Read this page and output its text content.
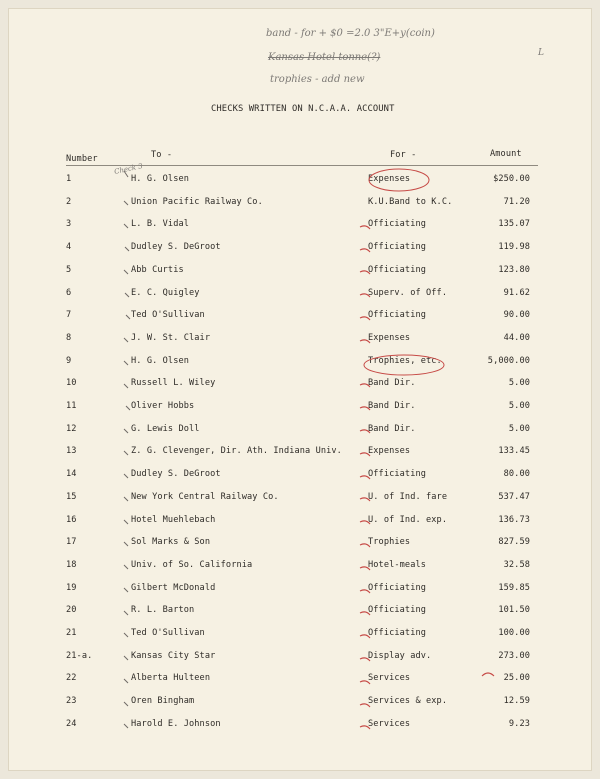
band - for + $0 =2.0 3"E+y(coin)
Kansas Hotel tonne(?)
trophies - add new
L
CHECKS WRITTEN ON N.C.A.A. ACCOUNT
Number	To -	For -	Amount
Check 3
1	H. G. Olsen	Expenses	$250.00
2	Union Pacific Railway Co.	K.U.Band to K.C.	71.20
3	L. B. Vidal	Officiating	135.07
4	Dudley S. DeGroot	Officiating	119.98
5	Abb Curtis	Officiating	123.80
6	E. C. Quigley	Superv. of Off.	91.62
7	Ted O'Sullivan	Officiating	90.00
8	J. W. St. Clair	Expenses	44.00
9	H. G. Olsen	Trophies, etc.	5,000.00
10	Russell L. Wiley	Band Dir.	5.00
11	Oliver Hobbs	Band Dir.	5.00
12	G. Lewis Doll	Band Dir.	5.00
13	Z. G. Clevenger, Dir. Ath. Indiana Univ.	Expenses	133.45
14	Dudley S. DeGroot	Officiating	80.00
15	New York Central Railway Co.	U. of Ind. fare	537.47
16	Hotel Muehlebach	U. of Ind. exp.	136.73
17	Sol Marks & Son	Trophies	827.59
18	Univ. of So. California	Hotel-meals	32.58
19	Gilbert McDonald	Officiating	159.85
20	R. L. Barton	Officiating	101.50
21	Ted O'Sullivan	Officiating	100.00
21-a.	Kansas City Star	Display adv.	273.00
22	Alberta Hulteen	Services	25.00
23	Oren Bingham	Services & exp.	12.59
24	Harold E. Johnson	Services	9.23
